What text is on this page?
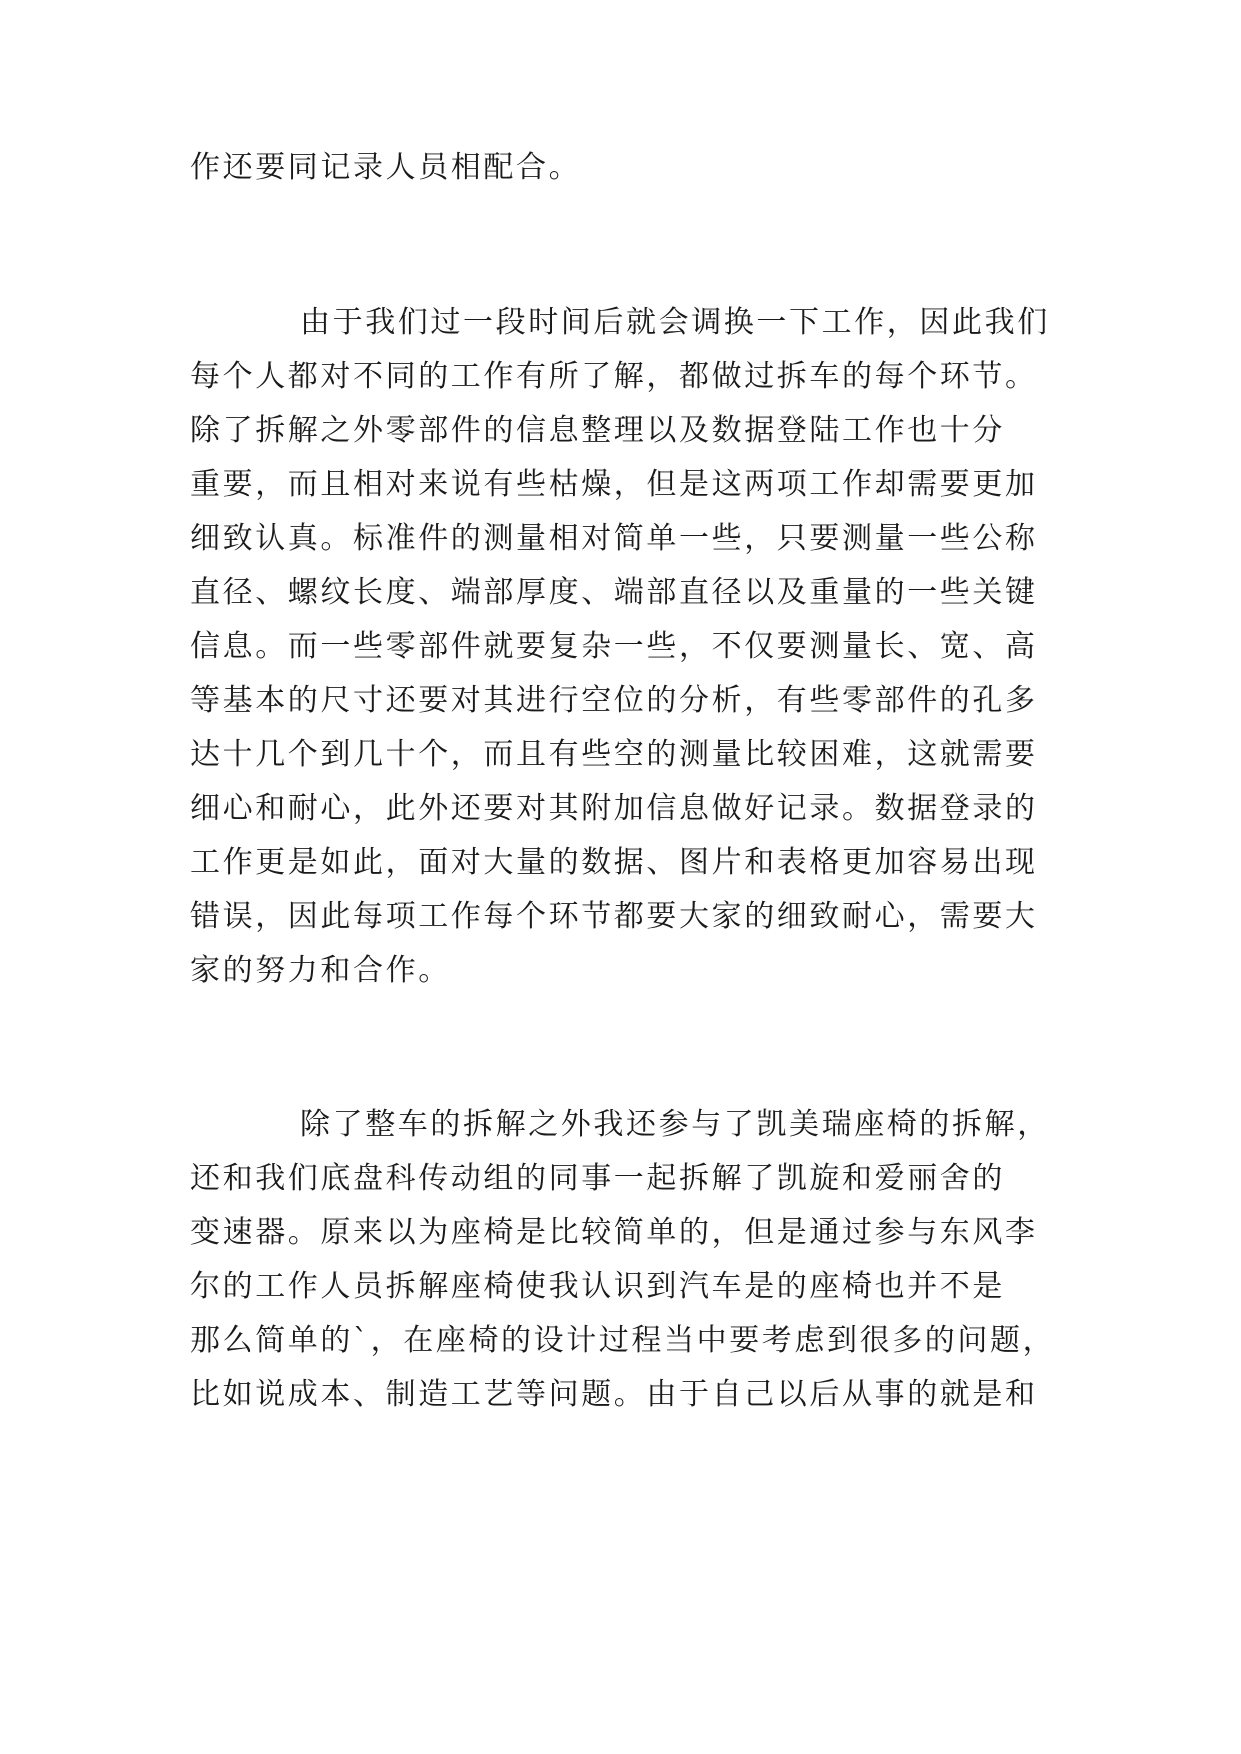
作还要同记录人员相配合。
由于我们过一段时间后就会调换一下工作，因此我们
每个人都对不同的工作有所了解，都做过拆车的每个环节。
除了拆解之外零部件的信息整理以及数据登陆工作也十分
重要，而且相对来说有些枯燥，但是这两项工作却需要更加
细致认真。标准件的测量相对简单一些，只要测量一些公称
直径、螺纹长度、端部厚度、端部直径以及重量的一些关键
信息。而一些零部件就要复杂一些，不仅要测量长、宽、高
等基本的尺寸还要对其进行空位的分析，有些零部件的孔多
达十几个到几十个，而且有些空的测量比较困难，这就需要
细心和耐心，此外还要对其附加信息做好记录。数据登录的
工作更是如此，面对大量的数据、图片和表格更加容易出现
错误，因此每项工作每个环节都要大家的细致耐心，需要大
家的努力和合作。
除了整车的拆解之外我还参与了凯美瑞座椅的拆解，
还和我们底盘科传动组的同事一起拆解了凯旋和爱丽舍的
变速器。原来以为座椅是比较简单的，但是通过参与东风李
尔的工作人员拆解座椅使我认识到汽车是的座椅也并不是
那么简单的`，在座椅的设计过程当中要考虑到很多的问题，
比如说成本、制造工艺等问题。由于自己以后从事的就是和
